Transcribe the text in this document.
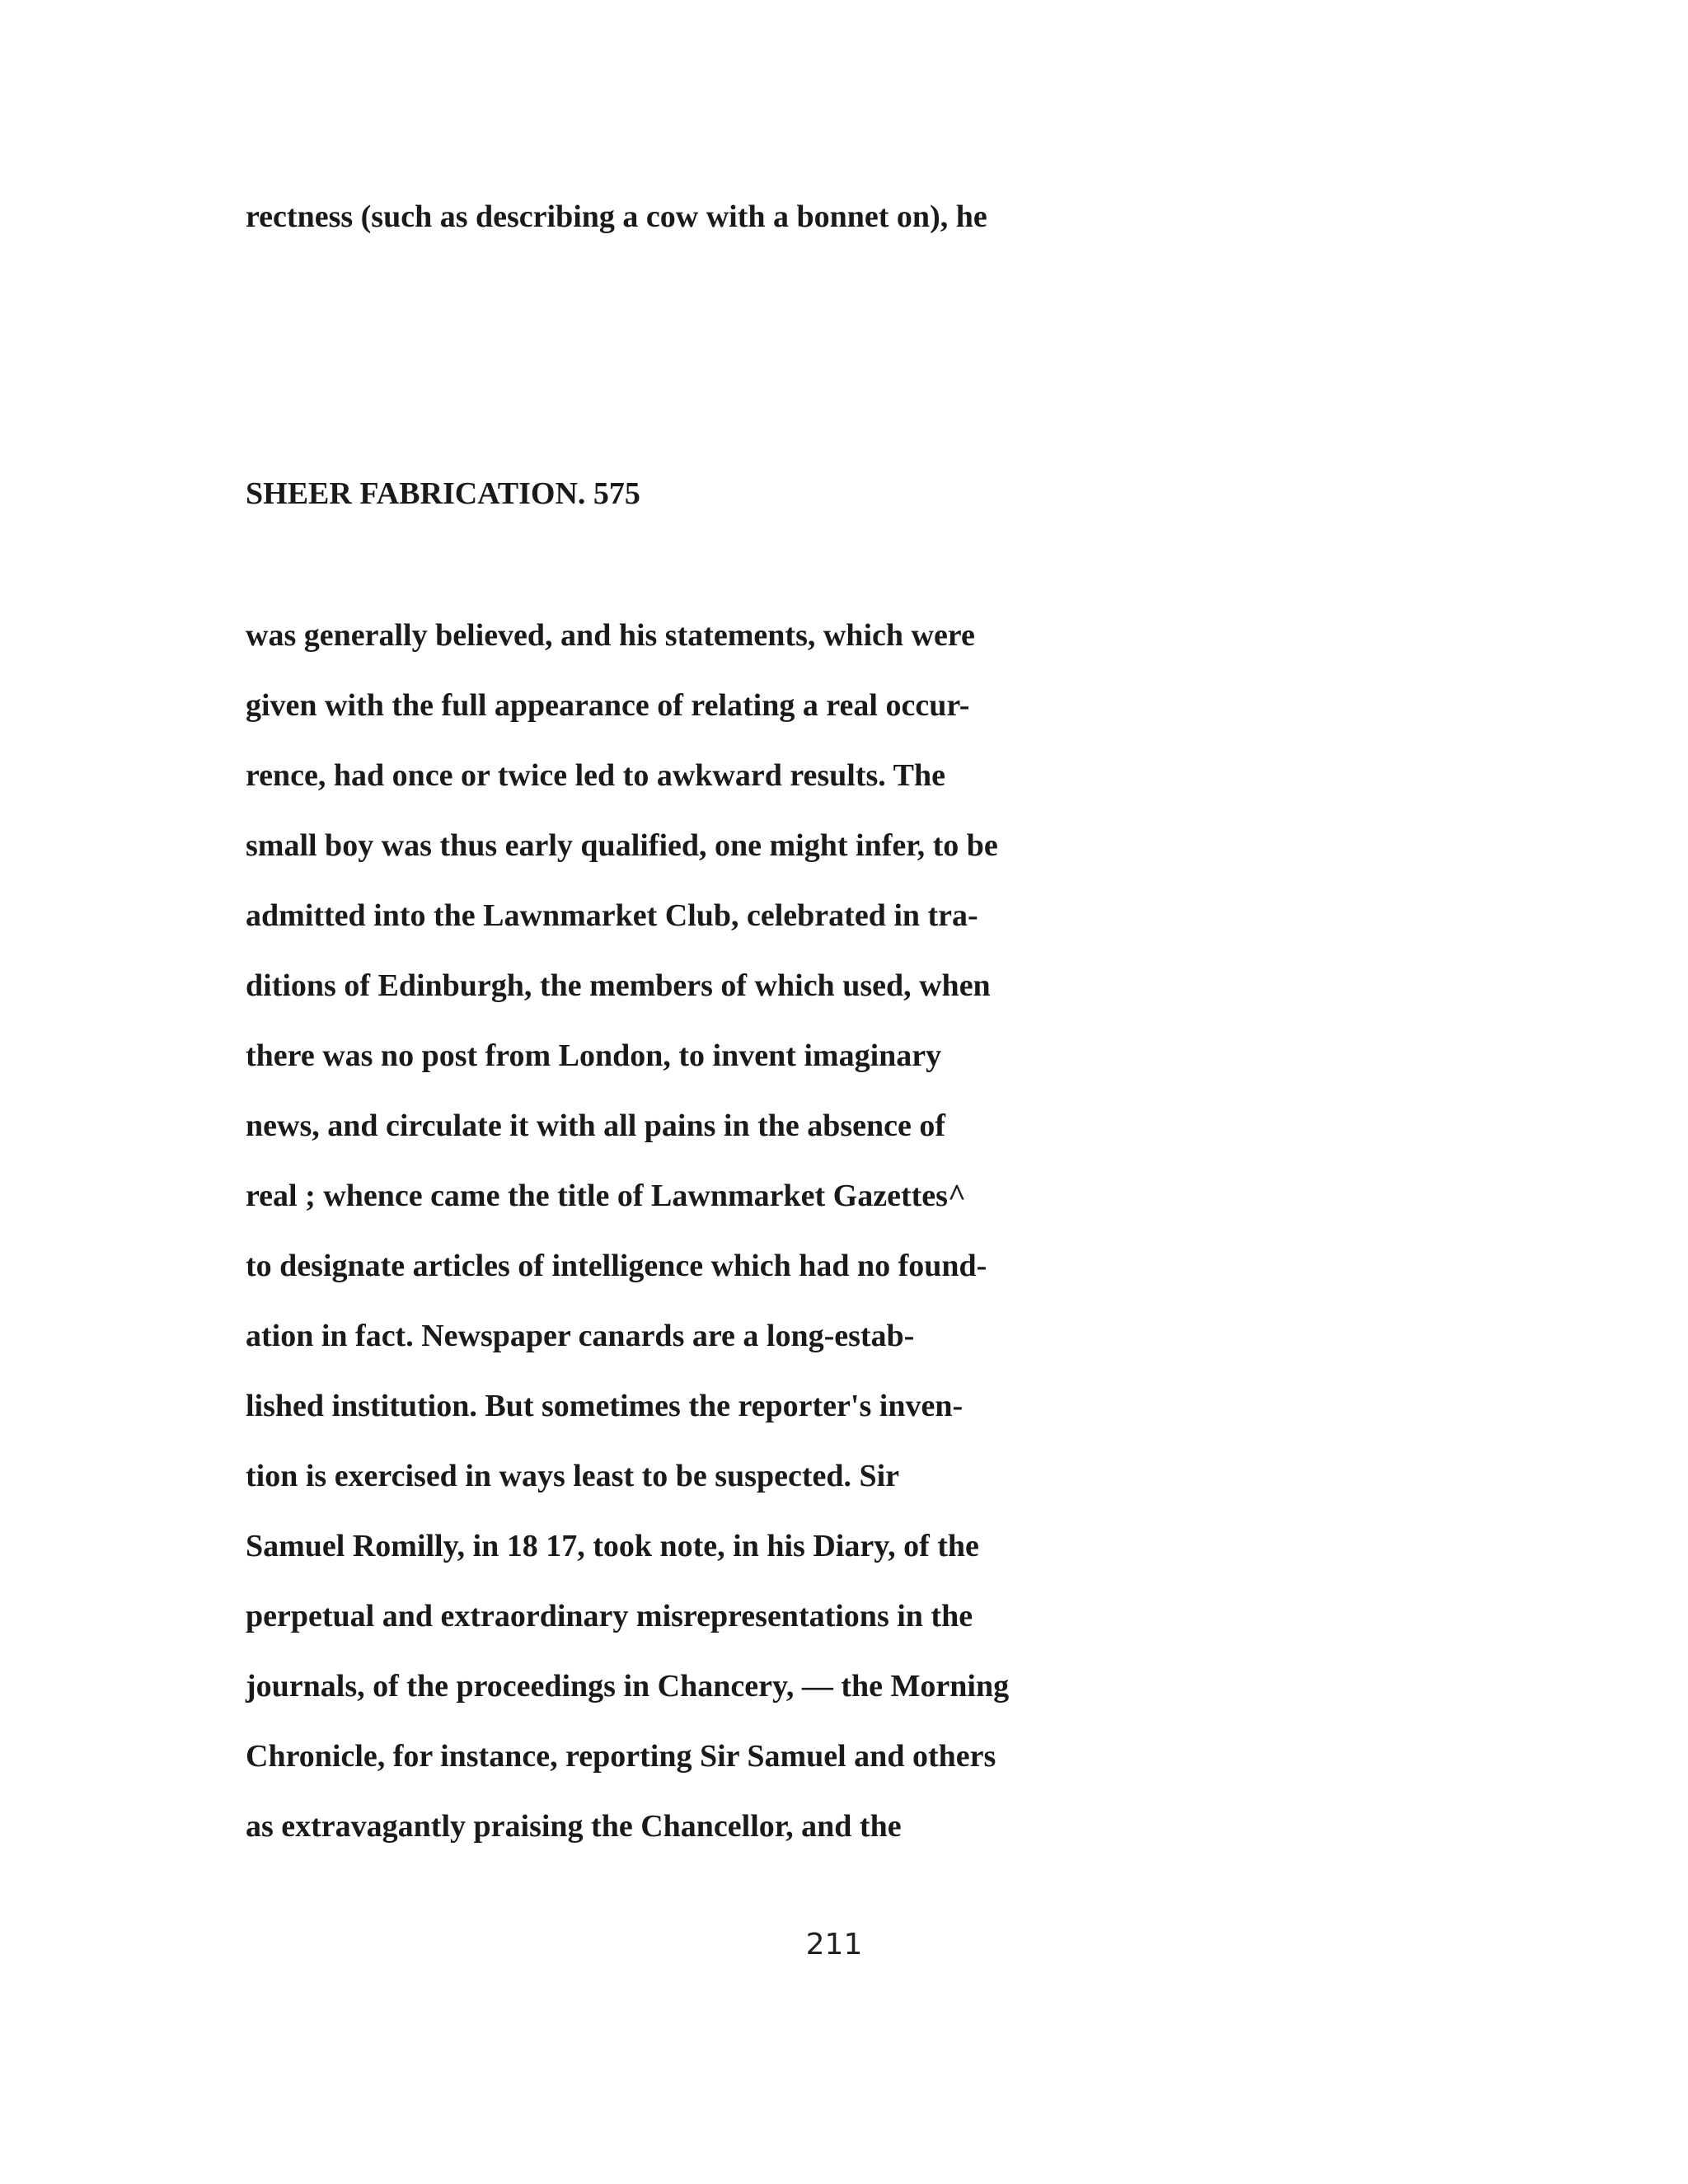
rectness (such as describing a cow with a bonnet on), he
SHEER FABRICATION. 575
was generally believed, and his statements, which were
given with the full appearance of relating a real occur-
rence, had once or twice led to awkward results. The
small boy was thus early qualified, one might infer, to be
admitted into the Lawnmarket Club, celebrated in tra-
ditions of Edinburgh, the members of which used, when
there was no post from London, to invent imaginary
news, and circulate it with all pains in the absence of
real ; whence came the title of Lawnmarket Gazettes^
to designate articles of intelligence which had no found-
ation in fact. Newspaper canards are a long-estab-
lished institution. But sometimes the reporter's inven-
tion is exercised in ways least to be suspected. Sir
Samuel Romilly, in 18 17, took note, in his Diary, of the
perpetual and extraordinary misrepresentations in the
journals, of the proceedings in Chancery, — the Morning
Chronicle, for instance, reporting Sir Samuel and others
as extravagantly praising the Chancellor, and the
211
